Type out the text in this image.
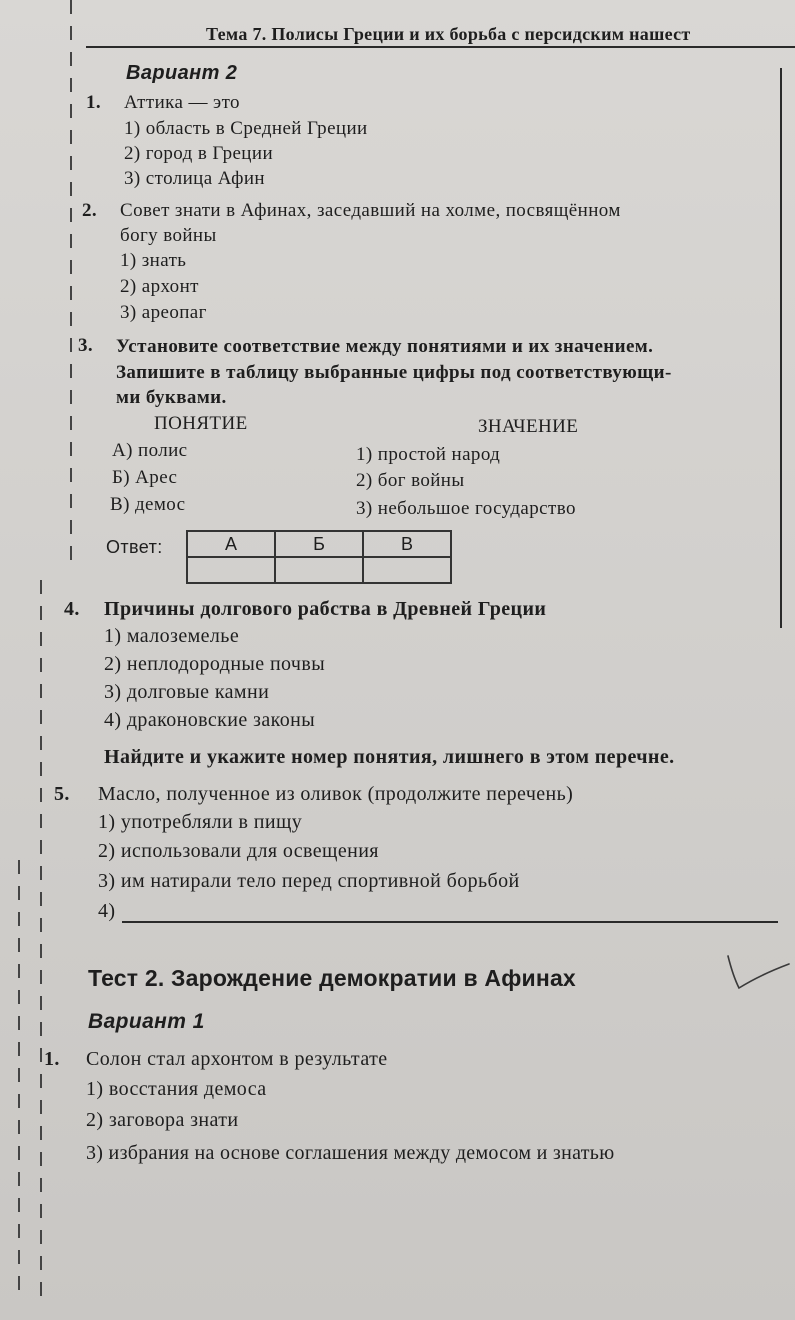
Тема 7. Полисы Греции и их борьба с персидским нашест
Вариант 2
1. Аттика — это
1) область в Средней Греции
2) город в Греции
3) столица Афин
2. Совет знати в Афинах, заседавший на холме, посвящённом
богу войны
1) знать
2) архонт
3) ареопаг
3. Установите соответствие между понятиями и их значением.
Запишите в таблицу выбранные цифры под соответствующи-
ми буквами.
ПОНЯТИЕ	ЗНАЧЕНИЕ
А) полис
Б) Арес
В) демос
1) простой народ
2) бог войны
3) небольшое государство
Ответ:	А	Б	В

4. Причины долгового рабства в Древней Греции
1) малоземелье
2) неплодородные почвы
3) долговые камни
4) драконовские законы
Найдите и укажите номер понятия, лишнего в этом перечне.
5. Масло, полученное из оливок (продолжите перечень)
1) употребляли в пищу
2) использовали для освещения
3) им натирали тело перед спортивной борьбой
4)
Тест 2. Зарождение демократии в Афинах
Вариант 1
1. Солон стал архонтом в результате
1) восстания демоса
2) заговора знати
3) избрания на основе соглашения между демосом и знатью
